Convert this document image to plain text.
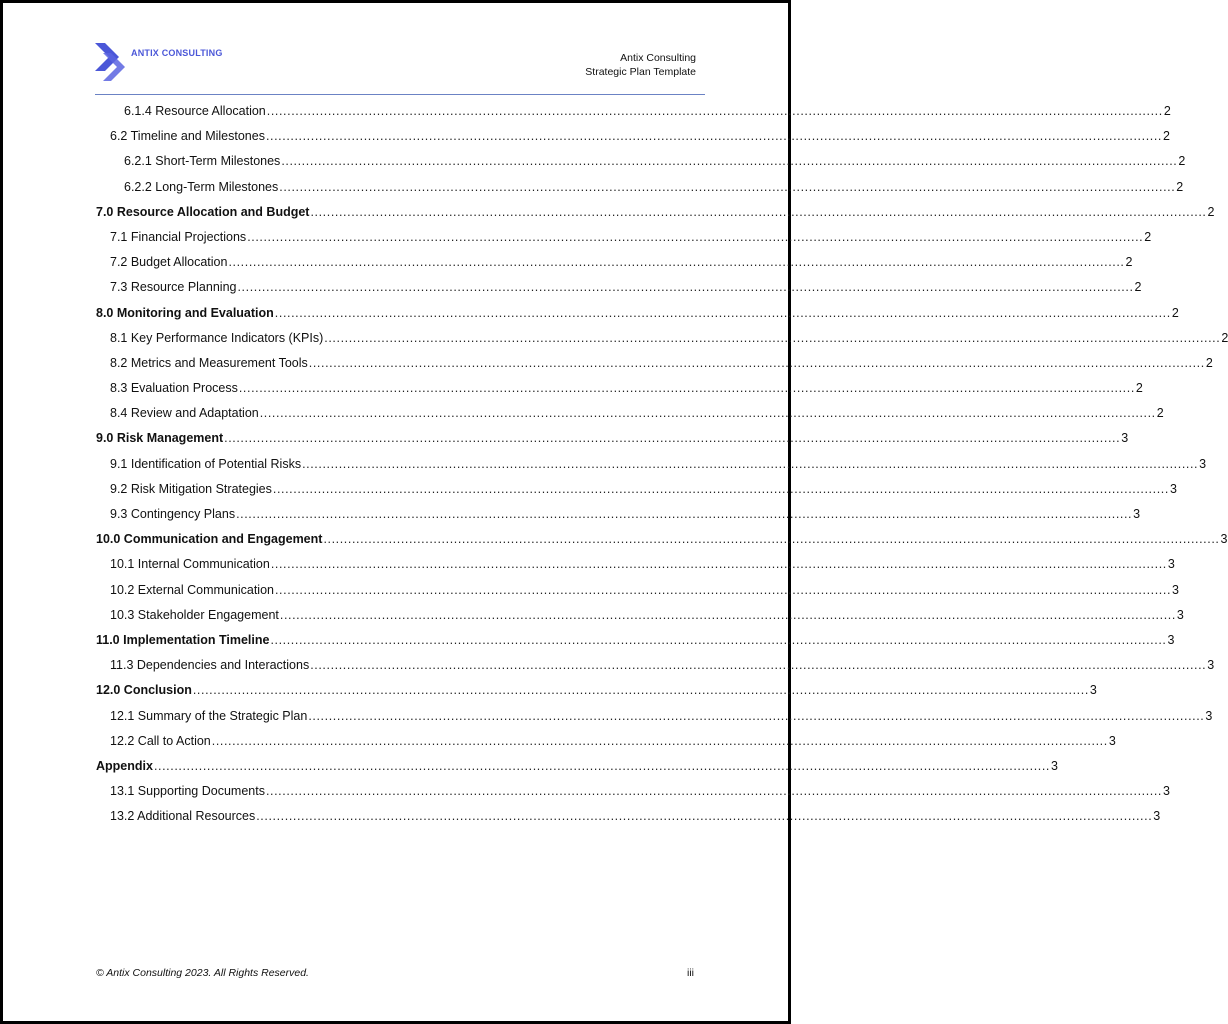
ANTIX CONSULTING	Antix Consulting
Strategic Plan Template
6.1.4 Resource Allocation ............................................................................................................................................................................................................................ 2
6.2 Timeline and Milestones ............................................................................................................................................................................................................................ 2
6.2.1 Short-Term Milestones ............................................................................................................................................................................................................................ 2
6.2.2 Long-Term Milestones ............................................................................................................................................................................................................................ 2
7.0 Resource Allocation and Budget ............................................................................................................................................................................................................................ 2
7.1 Financial Projections ............................................................................................................................................................................................................................ 2
7.2 Budget Allocation ............................................................................................................................................................................................................................ 2
7.3 Resource Planning ............................................................................................................................................................................................................................ 2
8.0 Monitoring and Evaluation ............................................................................................................................................................................................................................ 2
8.1 Key Performance Indicators (KPIs) ............................................................................................................................................................................................................................ 2
8.2 Metrics and Measurement Tools ............................................................................................................................................................................................................................ 2
8.3 Evaluation Process ............................................................................................................................................................................................................................ 2
8.4 Review and Adaptation ............................................................................................................................................................................................................................ 2
9.0 Risk Management ............................................................................................................................................................................................................................ 3
9.1 Identification of Potential Risks ............................................................................................................................................................................................................................ 3
9.2 Risk Mitigation Strategies ............................................................................................................................................................................................................................ 3
9.3 Contingency Plans ............................................................................................................................................................................................................................ 3
10.0 Communication and Engagement ............................................................................................................................................................................................................................ 3
10.1 Internal Communication ............................................................................................................................................................................................................................ 3
10.2 External Communication ............................................................................................................................................................................................................................ 3
10.3 Stakeholder Engagement ............................................................................................................................................................................................................................ 3
11.0 Implementation Timeline ............................................................................................................................................................................................................................ 3
11.3 Dependencies and Interactions ............................................................................................................................................................................................................................ 3
12.0 Conclusion ............................................................................................................................................................................................................................ 3
12.1 Summary of the Strategic Plan ............................................................................................................................................................................................................................ 3
12.2 Call to Action ............................................................................................................................................................................................................................ 3
Appendix ............................................................................................................................................................................................................................ 3
13.1 Supporting Documents ............................................................................................................................................................................................................................ 3
13.2 Additional Resources ............................................................................................................................................................................................................................ 3
© Antix Consulting 2023. All Rights Reserved.	iii
